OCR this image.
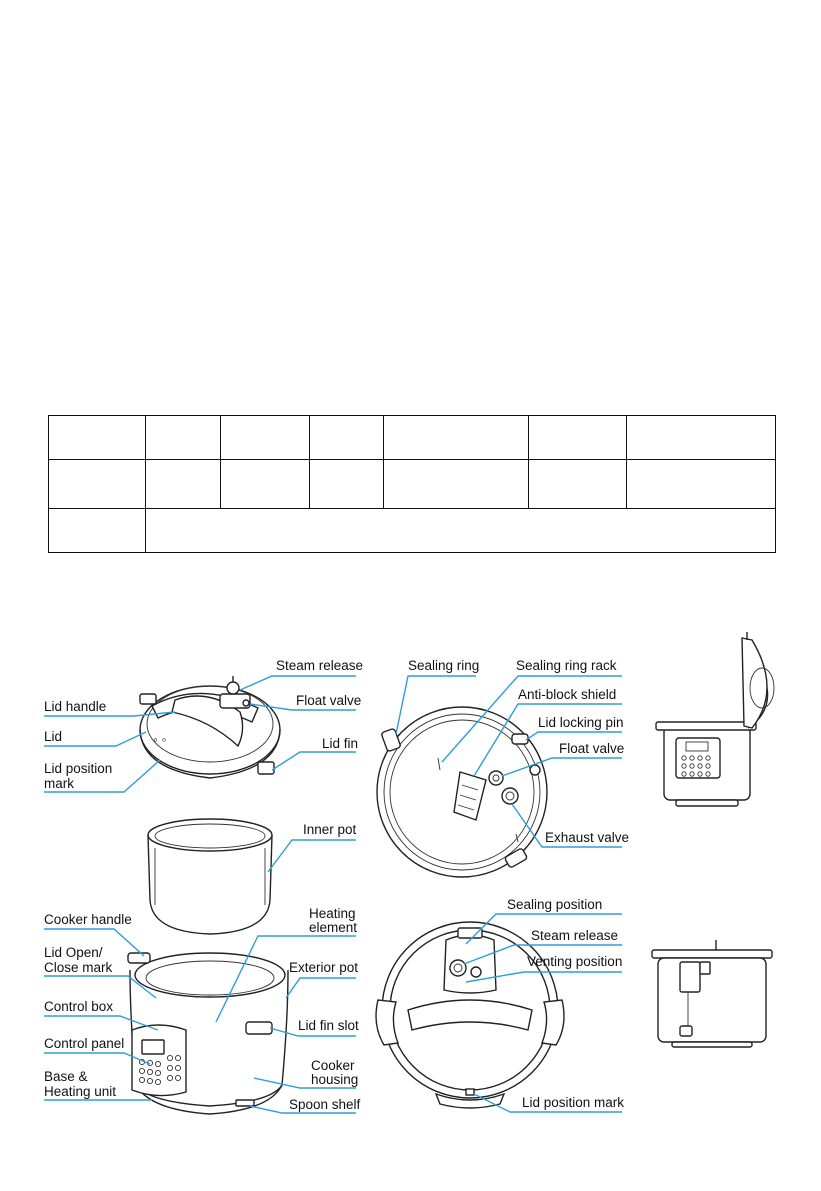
◦ ◦
Steam release
Lid handle	Float valve
Lid	Lid fin
Lid position
mark
Inner pot
Cooker handle	Heating
element
Lid Open/
Close mark	Exterior pot
Control box
Lid fin slot
Control panel
Cooker
housing
Base &
Heating unit
Spoon shelf
Sealing ring	Sealing ring rack
Anti-block shield
Lid locking pin
Float valve
Exhaust valve
Sealing position
Steam release
Venting position
Lid position mark
